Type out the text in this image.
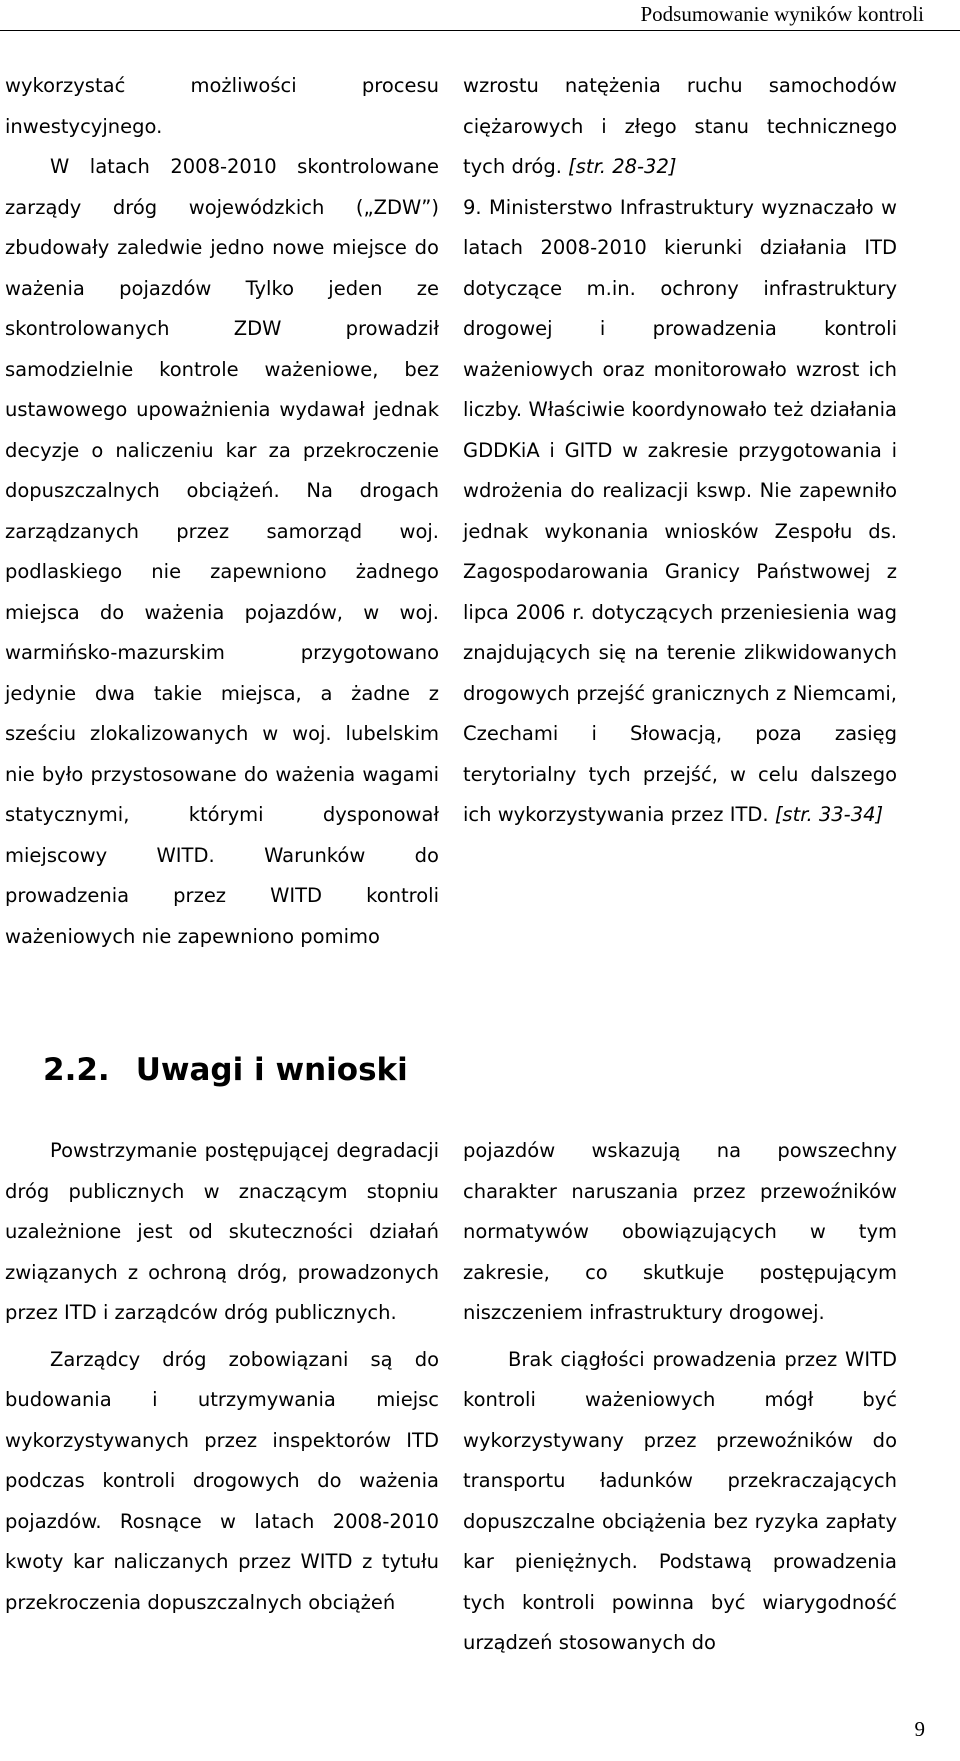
Podsumowanie wyników kontroli

wykorzystać możliwości procesu inwestycyjnego.

W latach 2008-2010 skontrolowane zarządy dróg wojewódzkich („ZDW”) zbudowały zaledwie jedno nowe miejsce do ważenia pojazdów Tylko jeden ze skontrolowanych ZDW prowadził samodzielnie kontrole ważeniowe, bez ustawowego upoważnienia wydawał jednak decyzje o naliczeniu kar za przekroczenie dopuszczalnych obciążeń. Na drogach zarządzanych przez samorząd woj. podlaskiego nie zapewniono żadnego miejsca do ważenia pojazdów, w woj. warmińsko-mazurskim przygotowano jedynie dwa takie miejsca, a żadne z sześciu zlokalizowanych w woj. lubelskim nie było przystosowane do ważenia wagami statycznymi, którymi dysponował miejscowy WITD. Warunków do prowadzenia przez WITD kontroli ważeniowych nie zapewniono pomimo

wzrostu natężenia ruchu samochodów ciężarowych i złego stanu technicznego tych dróg. [str. 28-32]

9. Ministerstwo Infrastruktury wyznaczało w latach 2008-2010 kierunki działania ITD dotyczące m.in. ochrony infrastruktury drogowej i prowadzenia kontroli ważeniowych oraz monitorowało wzrost ich liczby. Właściwie koordynowało też działania GDDKiA i GITD w zakresie przygotowania i wdrożenia do realizacji kswp. Nie zapewniło jednak wykonania wniosków Zespołu ds. Zagospodarowania Granicy Państwowej z lipca 2006 r. dotyczących przeniesienia wag znajdujących się na terenie zlikwidowanych drogowych przejść granicznych z Niemcami, Czechami i Słowacją, poza zasięg terytorialny tych przejść, w celu dalszego ich wykorzystywania przez ITD. [str. 33-34]

2.2. Uwagi i wnioski

Powstrzymanie postępującej degradacji dróg publicznych w znaczącym stopniu uzależnione jest od skuteczności działań związanych z ochroną dróg, prowadzonych przez ITD i zarządców dróg publicznych.

Zarządcy dróg zobowiązani są do budowania i utrzymywania miejsc wykorzystywanych przez inspektorów ITD podczas kontroli drogowych do ważenia pojazdów. Rosnące w latach 2008-2010 kwoty kar naliczanych przez WITD z tytułu przekroczenia dopuszczalnych obciążeń

pojazdów wskazują na powszechny charakter naruszania przez przewoźników normatywów obowiązujących w tym zakresie, co skutkuje postępującym niszczeniem infrastruktury drogowej.

Brak ciągłości prowadzenia przez WITD kontroli ważeniowych mógł być wykorzystywany przez przewoźników do transportu ładunków przekraczających dopuszczalne obciążenia bez ryzyka zapłaty kar pieniężnych. Podstawą prowadzenia tych kontroli powinna być wiarygodność urządzeń stosowanych do

9
